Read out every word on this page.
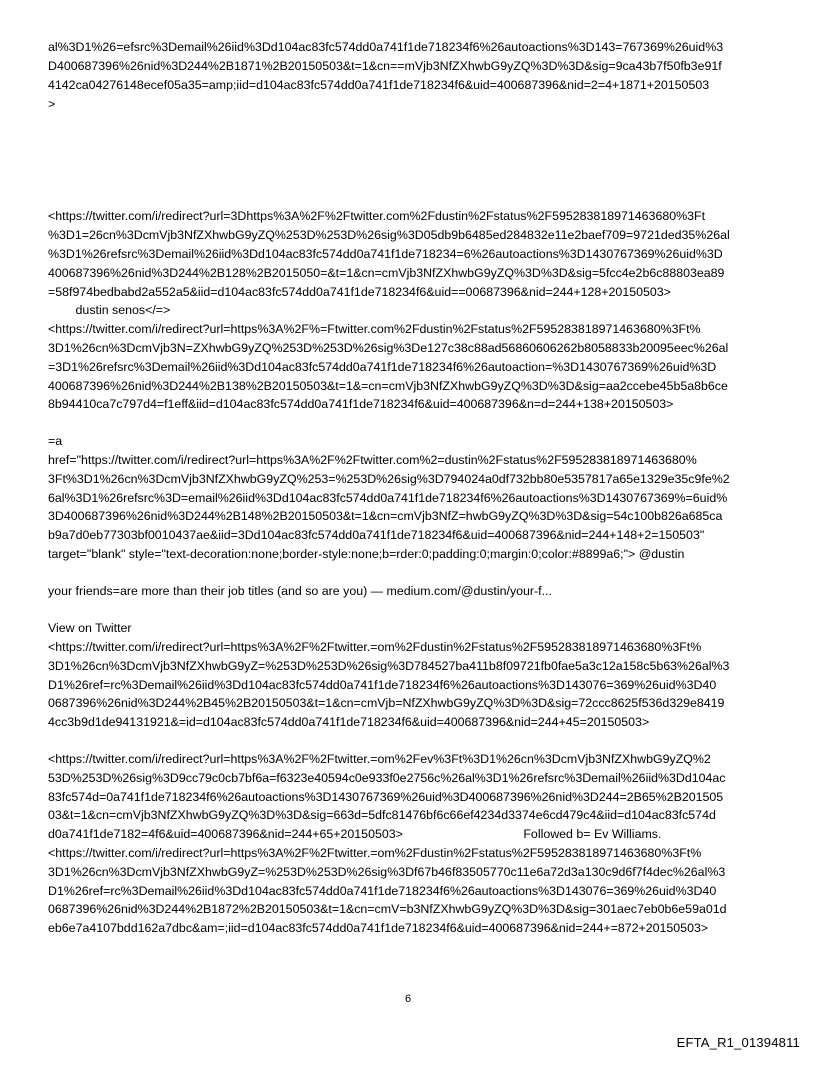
al%3D1%26=efsrc%3Demail%26iid%3Dd104ac83fc574dd0a741f1de718234f6%26autoactions%3D143=767369%26uid%3
D400687396%26nid%3D244%2B1871%2B20150503&t=1&cn==mVjb3NfZXhwbG9yZQ%3D%3D&sig=9ca43b7f50fb3e91f
4142ca04276148ecef05a35=amp;iid=d104ac83fc574dd0a741f1de718234f6&uid=400687396&nid=2=4+1871+20150503
>
<https://twitter.com/i/redirect?url=3Dhttps%3A%2F%2Ftwitter.com%2Fdustin%2Fstatus%2F595283818971463680%3Ft
%3D1=26cn%3DcmVjb3NfZXhwbG9yZQ%253D%253D%26sig%3D05db9b6485ed284832e11e2baef709=9721ded35%26al
%3D1%26refsrc%3Demail%26iid%3Dd104ac83fc574dd0a741f1de718234=6%26autoactions%3D1430767369%26uid%3D
400687396%26nid%3D244%2B128%2B2015050=&t=1&cn=cmVjb3NfZXhwbG9yZQ%3D%3D&sig=5fcc4e2b6c88803ea89
=58f974bedbabd2a552a5&iid=d104ac83fc574dd0a741f1de718234f6&uid==00687396&nid=244+128+20150503>
dustin senos</=>
<https://twitter.com/i/redirect?url=https%3A%2F%=Ftwitter.com%2Fdustin%2Fstatus%2F595283818971463680%3Ft%
3D1%26cn%3DcmVjb3N=ZXhwbG9yZQ%253D%253D%26sig%3De127c38c88ad56860606262b8058833b20095eec%26al
=3D1%26refsrc%3Demail%26iid%3Dd104ac83fc574dd0a741f1de718234f6%26autoaction=%3D1430767369%26uid%3D
400687396%26nid%3D244%2B138%2B20150503&t=1&=cn=cmVjb3NfZXhwbG9yZQ%3D%3D&sig=aa2ccebe45b5a8b6ce
8b94410ca7c797d4=f1eff&iid=d104ac83fc574dd0a741f1de718234f6&uid=400687396&n=d=244+138+20150503>
=a
href="https://twitter.com/i/redirect?url=https%3A%2F%2Ftwitter.com%2=dustin%2Fstatus%2F595283818971463680%
3Ft%3D1%26cn%3DcmVjb3NfZXhwbG9yZQ%253=%253D%26sig%3D794024a0df732bb80e5357817a65e1329e35c9fe%2
6al%3D1%26refsrc%3D=email%26iid%3Dd104ac83fc574dd0a741f1de718234f6%26autoactions%3D1430767369%=6uid%
3D400687396%26nid%3D244%2B148%2B20150503&t=1&cn=cmVjb3NfZ=hwbG9yZQ%3D%3D&sig=54c100b826a685ca
b9a7d0eb77303bf0010437ae&iid=3Dd104ac83fc574dd0a741f1de718234f6&uid=400687396&nid=244+148+2=150503"
target="blank" style="text-decoration:none;border-style:none;b=rder:0;padding:0;margin:0;color:#8899a6;"> @dustin
your friends=are more than their job titles (and so are you) — medium.com/@dustin/your-f...
View on Twitter
<https://twitter.com/i/redirect?url=https%3A%2F%2Ftwitter.=om%2Fdustin%2Fstatus%2F595283818971463680%3Ft%
3D1%26cn%3DcmVjb3NfZXhwbG9yZ=%253D%253D%26sig%3D784527ba411b8f09721fb0fae5a3c12a158c5b63%26al%3
D1%26ref=rc%3Demail%26iid%3Dd104ac83fc574dd0a741f1de718234f6%26autoactions%3D143076=369%26uid%3D40
0687396%26nid%3D244%2B45%2B20150503&t=1&cn=cmVjb=NfZXhwbG9yZQ%3D%3D&sig=72ccc8625f536d329e8419
4cc3b9d1de94131921&=id=d104ac83fc574dd0a741f1de718234f6&uid=400687396&nid=244+45=20150503>
<https://twitter.com/i/redirect?url=https%3A%2F%2Ftwitter.=om%2Fev%3Ft%3D1%26cn%3DcmVjb3NfZXhwbG9yZQ%2
53D%253D%26sig%3D9cc79c0cb7bf6a=f6323e40594c0e933f0e2756c%26al%3D1%26refsrc%3Demail%26iid%3Dd104ac
83fc574d=0a741f1de718234f6%26autoactions%3D1430767369%26uid%3D400687396%26nid%3D244=2B65%2B201505
03&t=1&cn=cmVjb3NfZXhwbG9yZQ%3D%3D&sig=663d=5dfc81476bf6c66ef4234d3374e6cd479c4&iid=d104ac83fc574d
d0a741f1de7182=4f6&uid=400687396&nid=244+65+20150503>                                   Followed b= Ev Williams.
<https://twitter.com/i/redirect?url=https%3A%2F%2Ftwitter.=om%2Fdustin%2Fstatus%2F595283818971463680%3Ft%
3D1%26cn%3DcmVjb3NfZXhwbG9yZ=%253D%253D%26sig%3Df67b46f83505770c11e6a72d3a130c9d6f7f4dec%26al%3
D1%26ref=rc%3Demail%26iid%3Dd104ac83fc574dd0a741f1de718234f6%26autoactions%3D143076=369%26uid%3D40
0687396%26nid%3D244%2B1872%2B20150503&t=1&cn=cmV=b3NfZXhwbG9yZQ%3D%3D&sig=301aec7eb0b6e59a01d
eb6e7a4107bdd162a7dbc&am=;iid=d104ac83fc574dd0a741f1de718234f6&uid=400687396&nid=244+=872+20150503>
6
EFTA_R1_01394811
